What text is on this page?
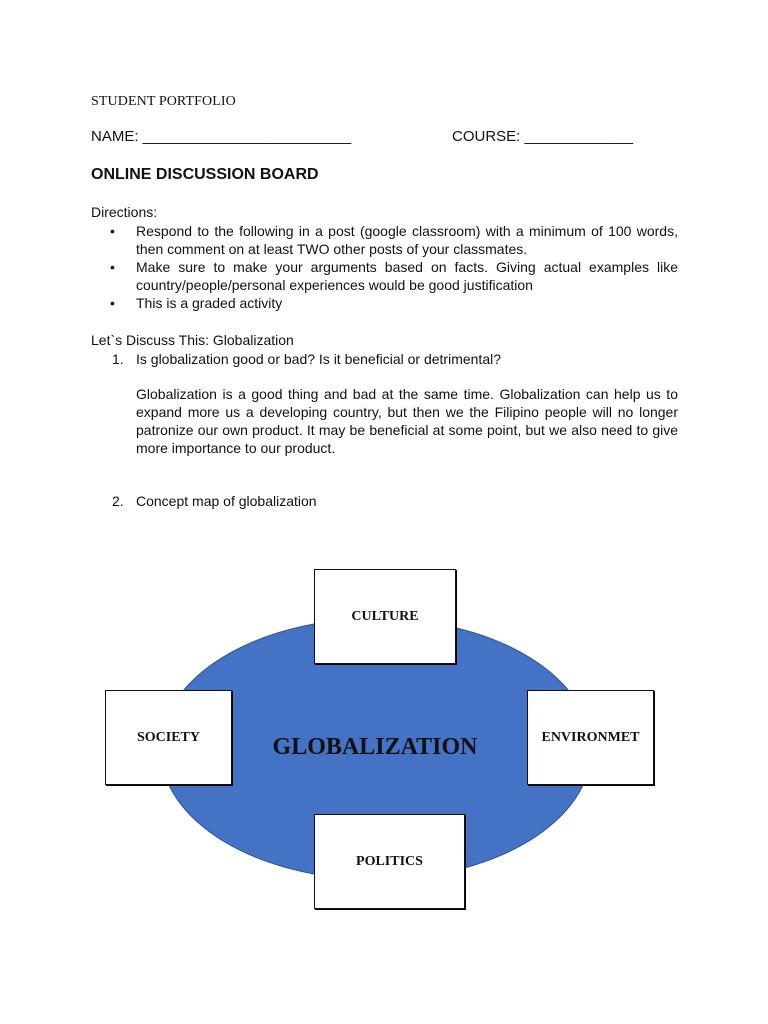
STUDENT PORTFOLIO

NAME: _________________________	COURSE: _____________

ONLINE DISCUSSION BOARD

Directions:

• Respond to the following in a post (google classroom) with a minimum of 100 words, then comment on at least TWO other posts of your classmates.
• Make sure to make your arguments based on facts. Giving actual examples like country/people/personal experiences would be good justification
• This is a graded activity

Let`s Discuss This: Globalization

1. Is globalization good or bad? Is it beneficial or detrimental?

Globalization is a good thing and bad at the same time. Globalization can help us to expand more us a developing country, but then we the Filipino people will no longer patronize our own product. It may be beneficial at some point, but we also need to give more importance to our product.

2. Concept map of globalization
GLOBALIZATION
CULTURE
SOCIETY	ENVIRONMET
POLITICS
